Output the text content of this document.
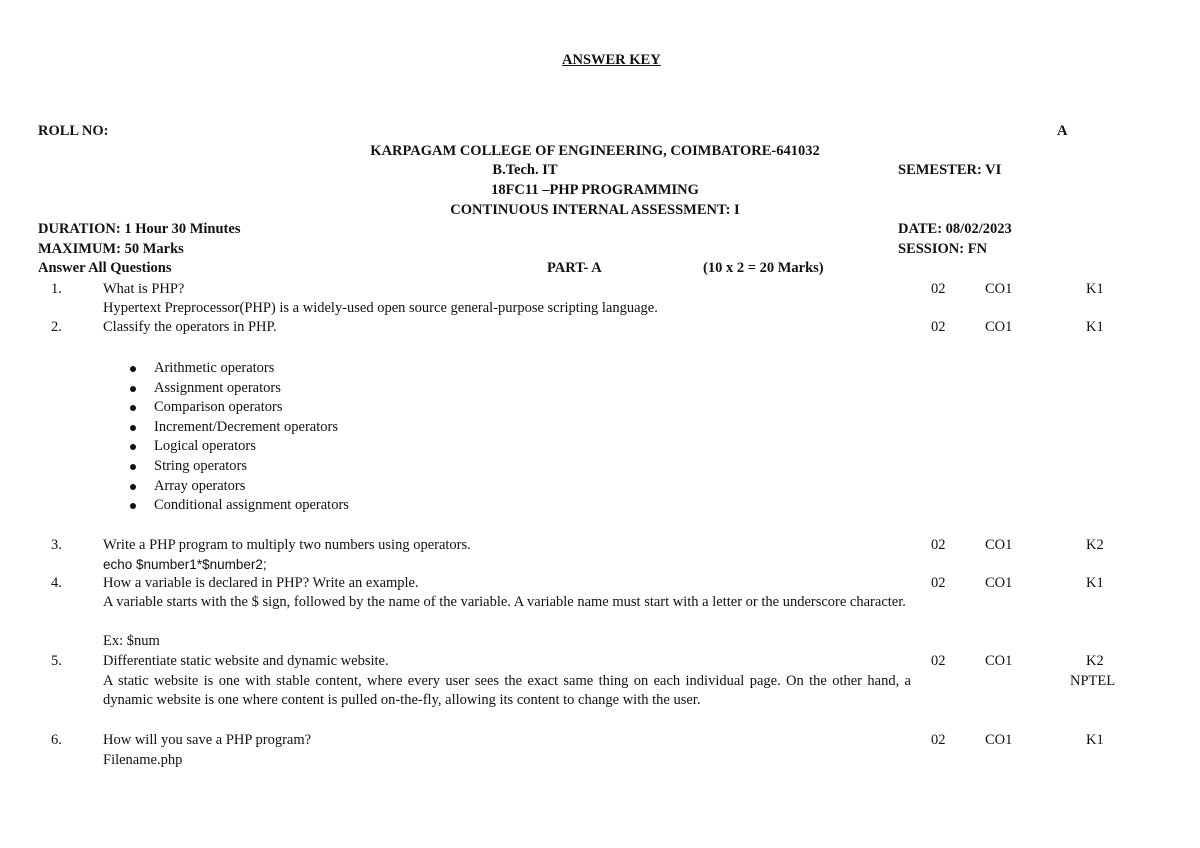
ANSWER KEY
ROLL NO:	A
KARPAGAM COLLEGE OF ENGINEERING, COIMBATORE-641032
B.Tech. IT	SEMESTER: VI
18FC11 –PHP PROGRAMMING
CONTINUOUS INTERNAL ASSESSMENT: I
DURATION: 1 Hour 30 Minutes	DATE: 08/02/2023
MAXIMUM: 50 Marks	SESSION: FN
Answer All Questions	PART- A	(10 x 2 = 20 Marks)
1.	What is PHP?	02	CO1	K1
Hypertext Preprocessor(PHP) is a widely-used open source general-purpose scripting language.
2.	Classify the operators in PHP.	02	CO1	K1
Arithmetic operators
Assignment operators
Comparison operators
Increment/Decrement operators
Logical operators
String operators
Array operators
Conditional assignment operators
3.	Write a PHP program to multiply two numbers using operators.	02	CO1	K2
echo $number1*$number2;
4.	How a variable is declared in PHP? Write an example.	02	CO1	K1
A variable starts with the $ sign, followed by the name of the variable. A variable name must start with a letter or the underscore character.
Ex: $num
5.	Differentiate static website and dynamic website.	02	CO1	K2
NPTEL
A static website is one with stable content, where every user sees the exact same thing on each individual page. On the other hand, a dynamic website is one where content is pulled on-the-fly, allowing its content to change with the user.
6.	How will you save a PHP program?	02	CO1	K1
Filename.php
